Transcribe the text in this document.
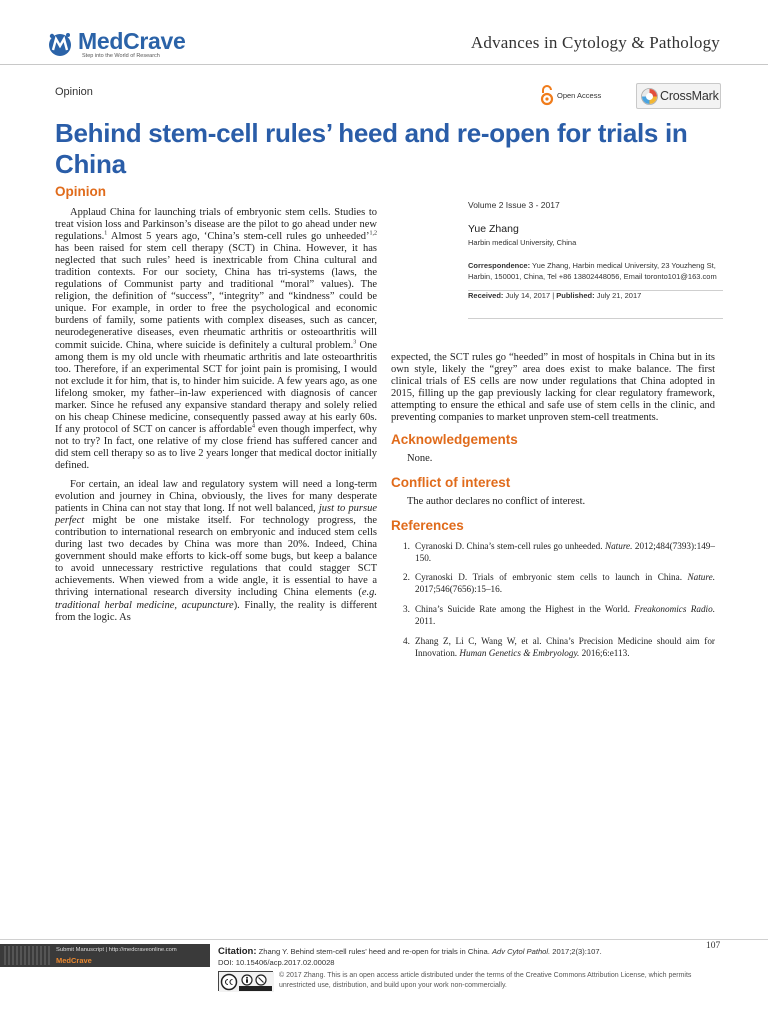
MedCrave
Step into the World of Research
Advances in Cytology & Pathology
Opinion	Open Access	CrossMark
Behind stem-cell rules’ heed and re-open for trials in China
Opinion

Applaud China for launching trials of embryonic stem cells. Studies to treat vision loss and Parkinson’s disease are the pilot to go ahead under new regulations.$^1$ Almost 5 years ago, ‘China’s stem-cell rules go unheeded’$^{1,2}$ has been raised for stem cell therapy (SCT) in China. However, it has neglected that such rules’ heed is inextricable from China cultural and tradition contexts. For our society, China has tri-systems (laws, the regulations of Communist party and traditional “moral” values). The religion, the definition of “success”, “integrity” and “kindness” could be unique. For example, in order to free the psychological and economic burdens of family, some patients with complex diseases, such as cancer, neurodegenerative diseases, even rheumatic arthritis or osteoarthritis will commit suicide. China, where suicide is definitely a cultural problem.$^3$ One among them is my old uncle with rheumatic arthritis and late osteoarthritis too. Therefore, if an experimental SCT for joint pain is promising, I would not exclude it for him, that is, to hinder him suicide. A few years ago, as one lifelong smoker, my father–in-law experienced with diagnosis of cancer marker. Since he refused any expansive standard therapy and solely relied on his cheap Chinese medicine, consequently passed away at his early 60s. If any protocol of SCT on cancer is affordable$^4$ even though imperfect, why not to try? In fact, one relative of my close friend has suffered cancer and did stem cell therapy so as to live 2 years longer that medical doctor initially defined.

For certain, an ideal law and regulatory system will need a long-term evolution and journey in China, obviously, the lives for many desperate patients in China can not stay that long. If not well balanced, just to pursue perfect might be one mistake itself. For technology progress, the contribution to international research on embryonic and induced stem cells during last two decades by China was more than 20%. Indeed, China government should make efforts to kick-off some bugs, but keep a balance to avoid unnecessary restrictive regulations that could stagger SCT achievements. When viewed from a wide angle, it is essential to have a thriving international research diversity including China elements (e.g. traditional herbal medicine, acupuncture). Finally, the reality is different from the logic. As

Volume 2 Issue 3 - 2017
Yue Zhang
Harbin medical University, China
Correspondence: Yue Zhang, Harbin medical University, 23 Youzheng St, Harbin, 150001, China, Tel +86 13802448056, Email toronto101@163.com
Received: July 14, 2017 | Published: July 21, 2017
expected, the SCT rules go “heeded” in most of hospitals in China but in its own style, likely the “grey” area does exist to make balance. The first clinical trials of ES cells are now under regulations that China adopted in 2015, filling up the gap previously lacking for clear regulatory framework, attempting to ensure the ethical and safe use of stem cells in the clinic, and preventing companies to market unproven stem-cell treatments.
Acknowledgements
None.
Conflict of interest
The author declares no conflict of interest.
References
1. Cyranoski D. China’s stem-cell rules go unheeded. Nature. 2012;484(7393):149–150.
2. Cyranoski D. Trials of embryonic stem cells to launch in China. Nature. 2017;546(7656):15–16.
3. China’s Suicide Rate among the Highest in the World. Freakonomics Radio. 2011.
4. Zhang Z, Li C, Wang W, et al. China’s Precision Medicine should aim for Innovation. Human Genetics & Embryology. 2016;6:e113.
107
Submit Manuscript | http://medcraveonline.com
MedCrave
Citation: Zhang Y. Behind stem-cell rules’ heed and re-open for trials in China. Adv Cytol Pathol. 2017;2(3):107.
DOI: 10.15406/acp.2017.02.00028
© 2017 Zhang. This is an open access article distributed under the terms of the Creative Commons Attribution License, which permits unrestricted use, distribution, and build upon your work non-commercially.
